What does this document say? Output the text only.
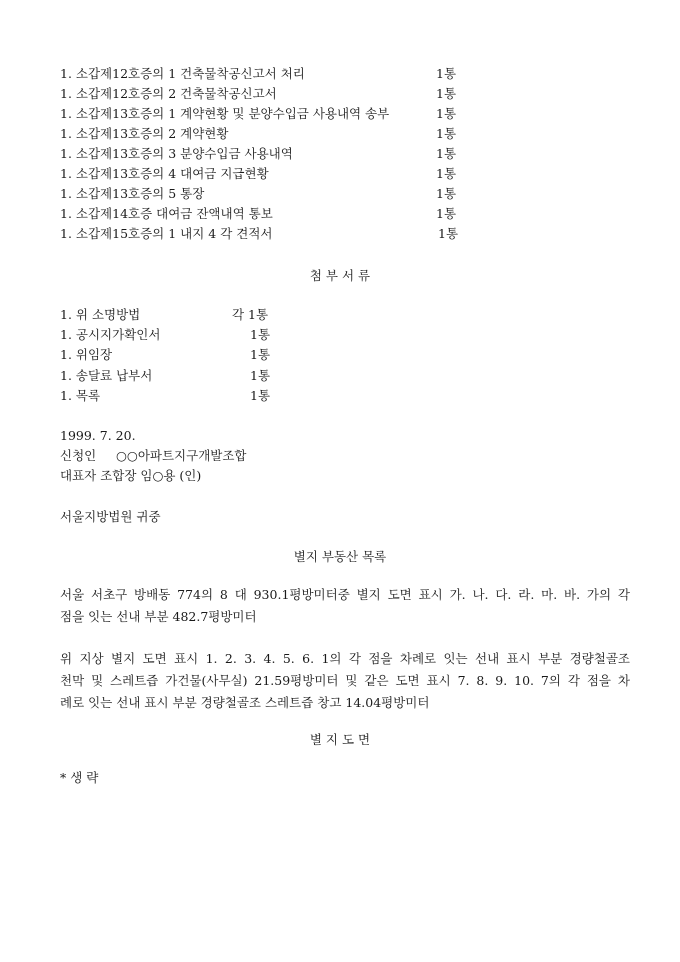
1. 소갑제12호증의 1 건축물착공신고서 처리	1통
1. 소갑제12호증의 2 건축물착공신고서	1통
1. 소갑제13호증의 1 계약현황 및 분양수입금 사용내역 송부	1통
1. 소갑제13호증의 2 계약현황	1통
1. 소갑제13호증의 3 분양수입금 사용내역	1통
1. 소갑제13호증의 4 대여금 지급현황	1통
1. 소갑제13호증의 5 통장	1통
1. 소갑제14호증 대여금 잔액내역 통보	1통
1. 소갑제15호증의 1 내지 4 각 견적서	1통
첨 부 서 류
1. 위 소명방법	각 1통
1. 공시지가확인서	1통
1. 위임장	1통
1. 송달료 납부서	1통
1. 목록	1통
1999. 7. 20.
신청인 ○○아파트지구개발조합
대표자 조합장 임○용 (인)
서울지방법원 귀중
별지 부동산 목록
서울 서초구 방배동 774의 8 대 930.1평방미터중 별지 도면 표시 가. 나. 다. 라. 마. 바. 가의 각
점을 잇는 선내 부분 482.7평방미터
위 지상 별지 도면 표시 1. 2. 3. 4. 5. 6. 1의 각 점을 차례로 잇는 선내 표시 부분 경량철골조
천막 및 스레트즙 가건물(사무실) 21.59평방미터 및 같은 도면 표시 7. 8. 9. 10. 7의 각 점을 차
례로 잇는 선내 표시 부분 경량철골조 스레트즙 창고 14.04평방미터
별 지 도 면
* 생 략
